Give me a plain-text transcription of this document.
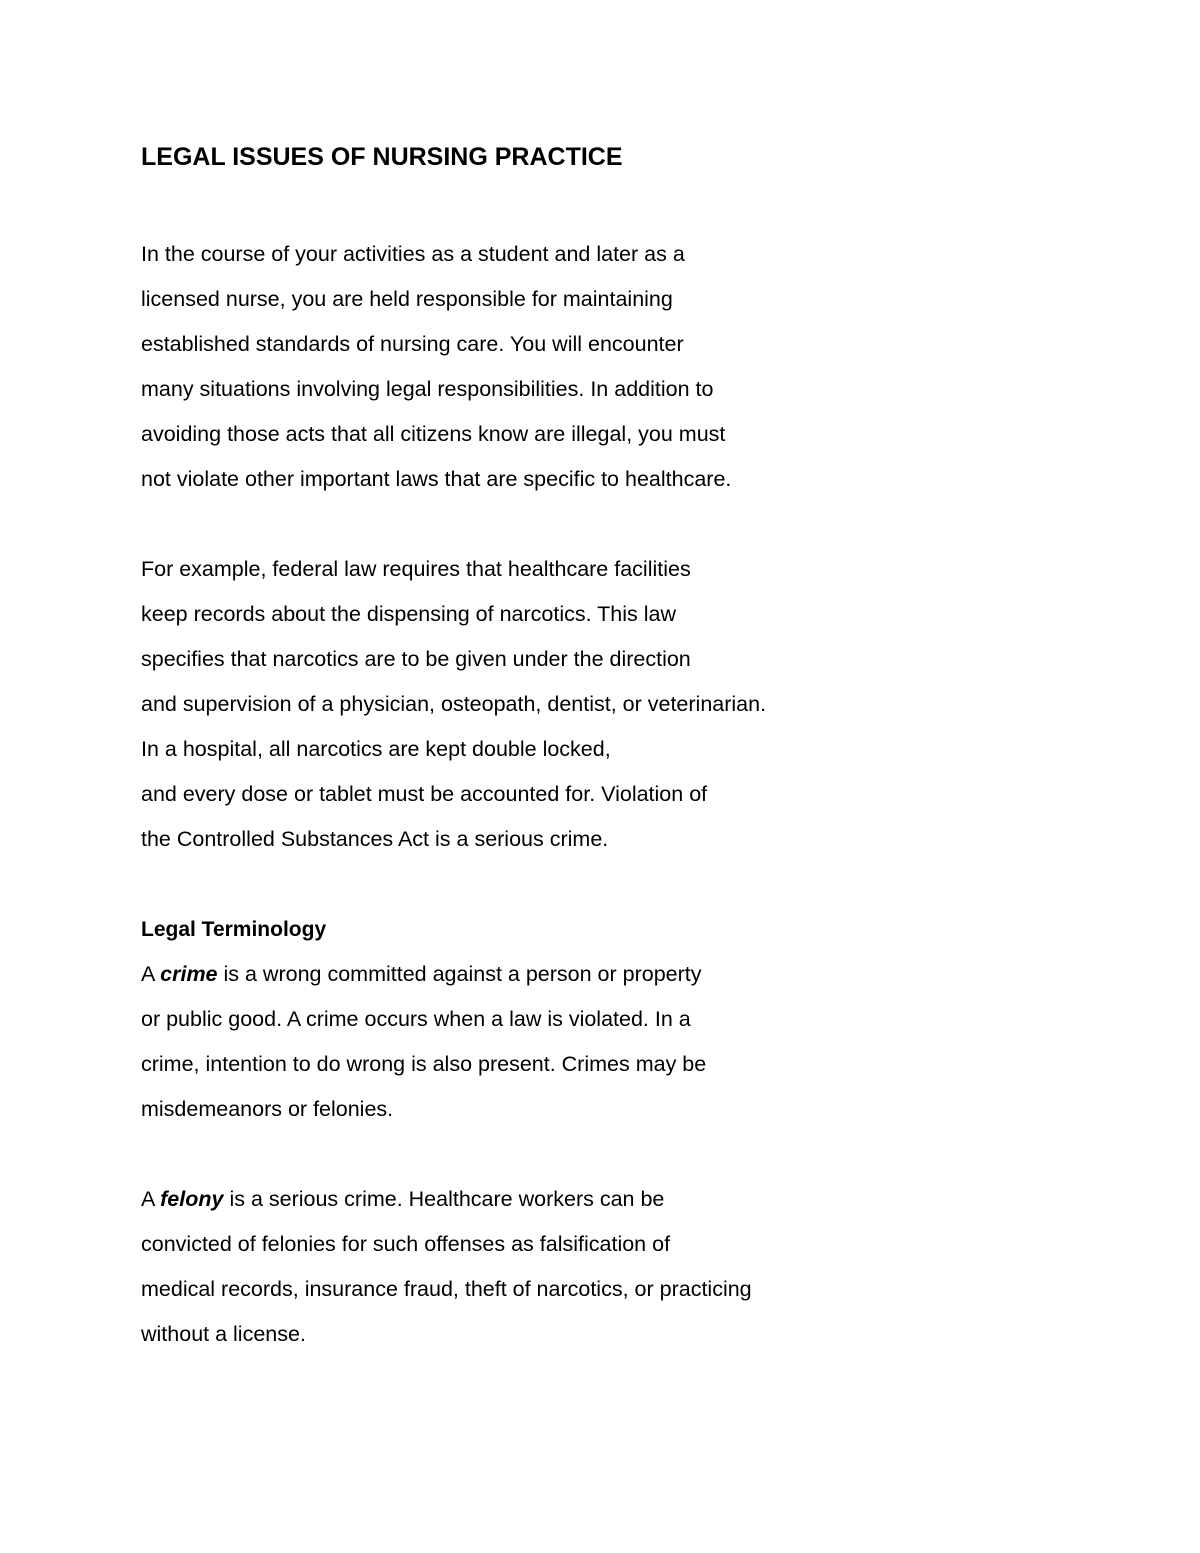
LEGAL ISSUES OF NURSING PRACTICE
In the course of your activities as a student and later as a
licensed nurse, you are held responsible for maintaining
established standards of nursing care. You will encounter
many situations involving legal responsibilities. In addition to
avoiding those acts that all citizens know are illegal, you must
not violate other important laws that are specific to healthcare.
For example, federal law requires that healthcare facilities
keep records about the dispensing of narcotics. This law
specifies that narcotics are to be given under the direction
and supervision of a physician, osteopath, dentist, or veterinarian.
In a hospital, all narcotics are kept double locked,
and every dose or tablet must be accounted for. Violation of
the Controlled Substances Act is a serious crime.
Legal Terminology
A crime is a wrong committed against a person or property
or public good. A crime occurs when a law is violated. In a
crime, intention to do wrong is also present. Crimes may be
misdemeanors or felonies.
A felony is a serious crime. Healthcare workers can be
convicted of felonies for such offenses as falsification of
medical records, insurance fraud, theft of narcotics, or practicing
without a license.
